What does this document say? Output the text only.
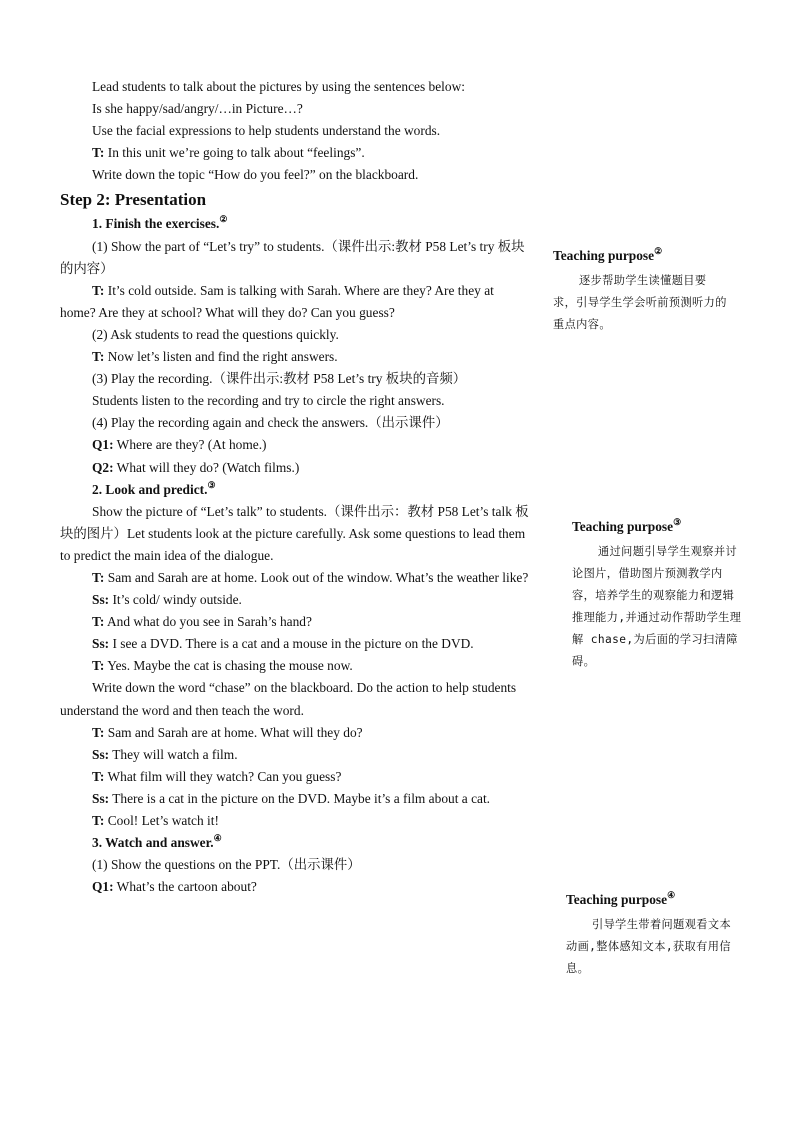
Lead students to talk about the pictures by using the sentences below:

Is she happy/sad/angry/…in Picture…?

Use the facial expressions to help students understand the words.

T: In this unit we’re going to talk about “feelings”.

Write down the topic “How do you feel?” on the blackboard.

Step 2: Presentation

1. Finish the exercises.②

(1) Show the part of “Let’s try” to students.（课件出示:教材 P58 Let’s try 板块的内容）

T: It’s cold outside. Sam is talking with Sarah. Where are they? Are they at home? Are they at school? What will they do? Can you guess?

(2) Ask students to read the questions quickly.

T: Now let’s listen and find the right answers.

(3) Play the recording.（课件出示:教材 P58 Let’s try 板块的音频）

Students listen to the recording and try to circle the right answers.

(4) Play the recording again and check the answers.（出示课件）

Q1: Where are they? (At home.)

Q2: What will they do? (Watch films.)

2. Look and predict.③

Show the picture of “Let’s talk” to students.（课件出示：教材 P58 Let’s talk 板块的图片）Let students look at the picture carefully. Ask some questions to lead them to predict the main idea of the dialogue.

T: Sam and Sarah are at home. Look out of the window. What’s the weather like?

Ss: It’s cold/ windy outside.

T: And what do you see in Sarah’s hand?

Ss: I see a DVD. There is a cat and a mouse in the picture on the DVD.

T: Yes. Maybe the cat is chasing the mouse now.

Write down the word “chase” on the blackboard. Do the action to help students understand the word and then teach the word.

T: Sam and Sarah are at home. What will they do?

Ss: They will watch a film.

T: What film will they watch? Can you guess?

Ss: There is a cat in the picture on the DVD. Maybe it’s a film about a cat.

T: Cool! Let’s watch it!

3. Watch and answer.④

(1) Show the questions on the PPT.（出示课件）

Q1: What’s the cartoon about?

Teaching purpose②

逐步帮助学生读懂题目要求，引导学生学会听前预测听力的重点内容。

Teaching purpose③

通过问题引导学生观察并讨论图片，借助图片预测教学内容，培养学生的观察能力和逻辑推理能力,并通过动作帮助学生理解 chase,为后面的学习扫清障碍。

Teaching purpose④

引导学生带着问题观看文本动画,整体感知文本,获取有用信息。
